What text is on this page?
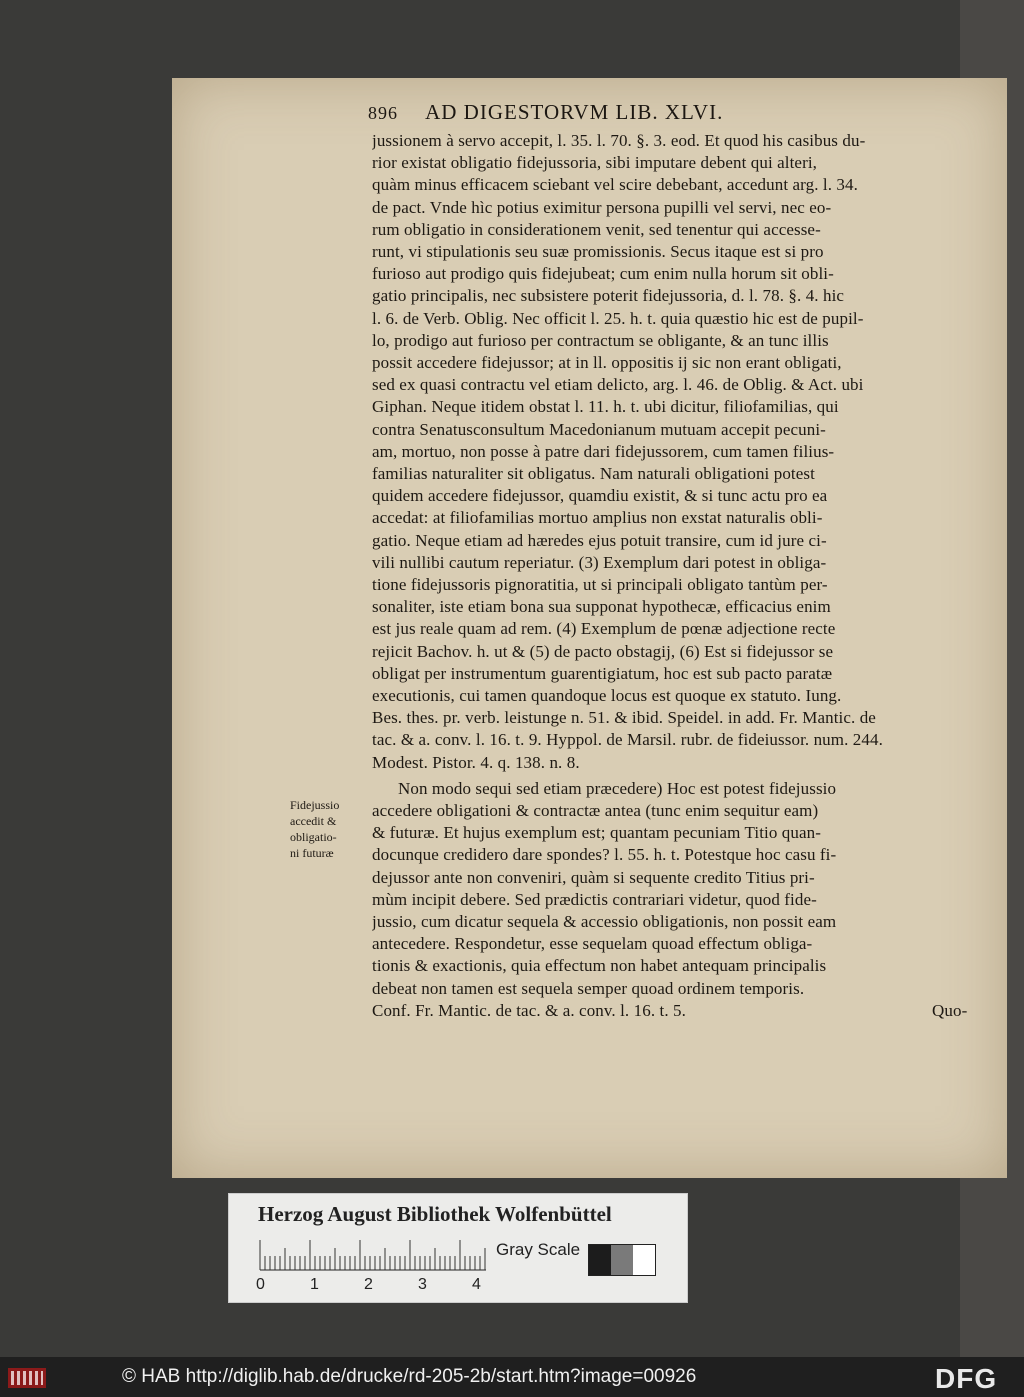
896 AD DIGESTORVM LIB. XLVI.
jussionem à servo accepit, l. 35. l. 70. §. 3. eod. Et quod his casibus du-
rior existat obligatio fidejussoria, sibi imputare debent qui alteri,
quàm minus efficacem sciebant vel scire debebant, accedunt arg. l. 34.
de pact. Vnde hìc potius eximitur persona pupilli vel servi, nec eo-
rum obligatio in considerationem venit, sed tenentur qui accesse-
runt, vi stipulationis seu suæ promissionis. Secus itaque est si pro
furioso aut prodigo quis fidejubeat; cum enim nulla horum sit obli-
gatio principalis, nec subsistere poterit fidejussoria, d. l. 78. §. 4. hic
l. 6. de Verb. Oblig. Nec officit l. 25. h. t. quia quæstio hic est de pupil-
lo, prodigo aut furioso per contractum se obligante, & an tunc illis
possit accedere fidejussor; at in ll. oppositis ij sic non erant obligati,
sed ex quasi contractu vel etiam delicto, arg. l. 46. de Oblig. & Act. ubi
Giphan. Neque itidem obstat l. 11. h. t. ubi dicitur, filiofamilias, qui
contra Senatusconsultum Macedonianum mutuam accepit pecuni-
am, mortuo, non posse à patre dari fidejussorem, cum tamen filius-
familias naturaliter sit obligatus. Nam naturali obligationi potest
quidem accedere fidejussor, quamdiu existit, & si tunc actu pro ea
accedat: at filiofamilias mortuo amplius non exstat naturalis obli-
gatio. Neque etiam ad hæredes ejus potuit transire, cum id jure ci-
vili nullibi cautum reperiatur. (3) Exemplum dari potest in obliga-
tione fidejussoris pignoratitia, ut si principali obligato tantùm per-
sonaliter, iste etiam bona sua supponat hypothecæ, efficacius enim
est jus reale quam ad rem. (4) Exemplum de pœnæ adjectione recte
rejicit Bachov. h. ut & (5) de pacto obstagij, (6) Est si fidejussor se
obligat per instrumentum guarentigiatum, hoc est sub pacto paratæ
executionis, cui tamen quandoque locus est quoque ex statuto. Iung.
Bes. thes. pr. verb. leistunge n. 51. & ibid. Speidel. in add. Fr. Mantic. de
tac. & a. conv. l. 16. t. 9. Hyppol. de Marsil. rubr. de fideiussor. num. 244.
Modest. Pistor. 4. q. 138. n. 8.
Non modo sequi sed etiam præcedere) Hoc est potest fidejussio
accedere obligationi & contractæ antea (tunc enim sequitur eam)
& futuræ. Et hujus exemplum est; quantam pecuniam Titio quan-
docunque credidero dare spondes? l. 55. h. t. Potestque hoc casu fi-
dejussor ante non conveniri, quàm si sequente credito Titius pri-
mùm incipit debere. Sed prædictis contrariari videtur, quod fide-
jussio, cum dicatur sequela & accessio obligationis, non possit eam
antecedere. Respondetur, esse sequelam quoad effectum obliga-
tionis & exactionis, quia effectum non habet antequam principalis
debeat non tamen est sequela semper quoad ordinem temporis.
Conf. Fr. Mantic. de tac. & a. conv. l. 16. t. 5.	Quo-
Fidejussio
accedit &
obligatio-
ni futuræ
Herzog August Bibliothek Wolfenbüttel
Gray Scale
0	1	2	3	4
© HAB http://diglib.hab.de/drucke/rd-205-2b/start.htm?image=00926	DFG
